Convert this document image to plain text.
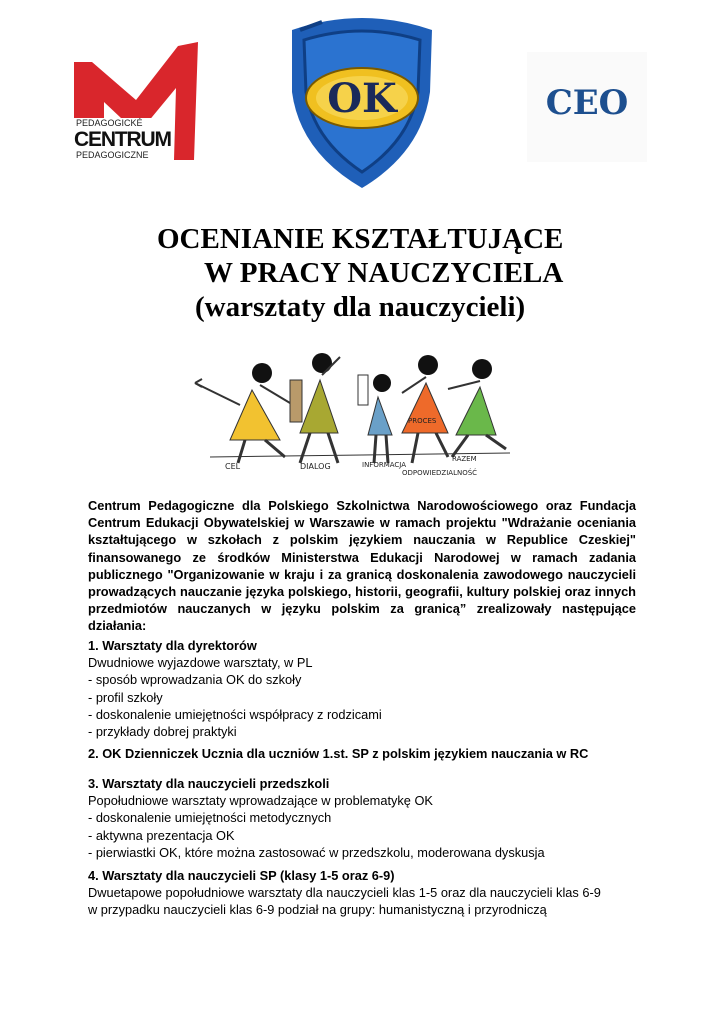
PEDAGOGICKÉ
CENTRUM
PEDAGOGICZNE
OK	CEO
OCENIANIE KSZTAŁTUJĄCE
W PRACY NAUCZYCIELA
(warsztaty dla nauczycieli)
CEL	DIALOG	INFORMACJA
ODPOWIEDZIALNOŚĆ
PROCES
RAZEM

Centrum Pedagogiczne dla Polskiego Szkolnictwa Narodowościowego oraz Fundacja Centrum Edukacji Obywatelskiej w Warszawie w ramach projektu "Wdrażanie oceniania kształtującego w szkołach z polskim językiem nauczania w Republice Czeskiej" finansowanego ze środków Ministerstwa Edukacji Narodowej w ramach zadania publicznego "Organizowanie w kraju i za granicą doskonalenia zawodowego nauczycieli prowadzących nauczanie języka polskiego, historii, geografii, kultury polskiej oraz innych przedmiotów nauczanych w języku polskim za granicą” zrealizowały następujące działania:

1. Warsztaty dla dyrektorów

Dwudniowe wyjazdowe warsztaty, w PL

- sposób wprowadzania OK do szkoły
- profil szkoły
- doskonalenie umiejętności współpracy z rodzicami
- przykłady dobrej praktyki
2. OK Dzienniczek Ucznia dla uczniów 1.st. SP z polskim językiem nauczania w RC
3. Warsztaty dla nauczycieli przedszkoli

Popołudniowe warsztaty wprowadzające w problematykę OK

- doskonalenie umiejętności metodycznych
- aktywna prezentacja OK
- pierwiastki OK, które można zastosować w przedszkolu, moderowana dyskusja
4. Warsztaty dla nauczycieli SP (klasy 1-5 oraz 6-9)

Dwuetapowe popołudniowe warsztaty dla nauczycieli klas 1-5 oraz dla nauczycieli klas 6-9

w przypadku nauczycieli klas 6-9 podział na grupy: humanistyczną i przyrodniczą
